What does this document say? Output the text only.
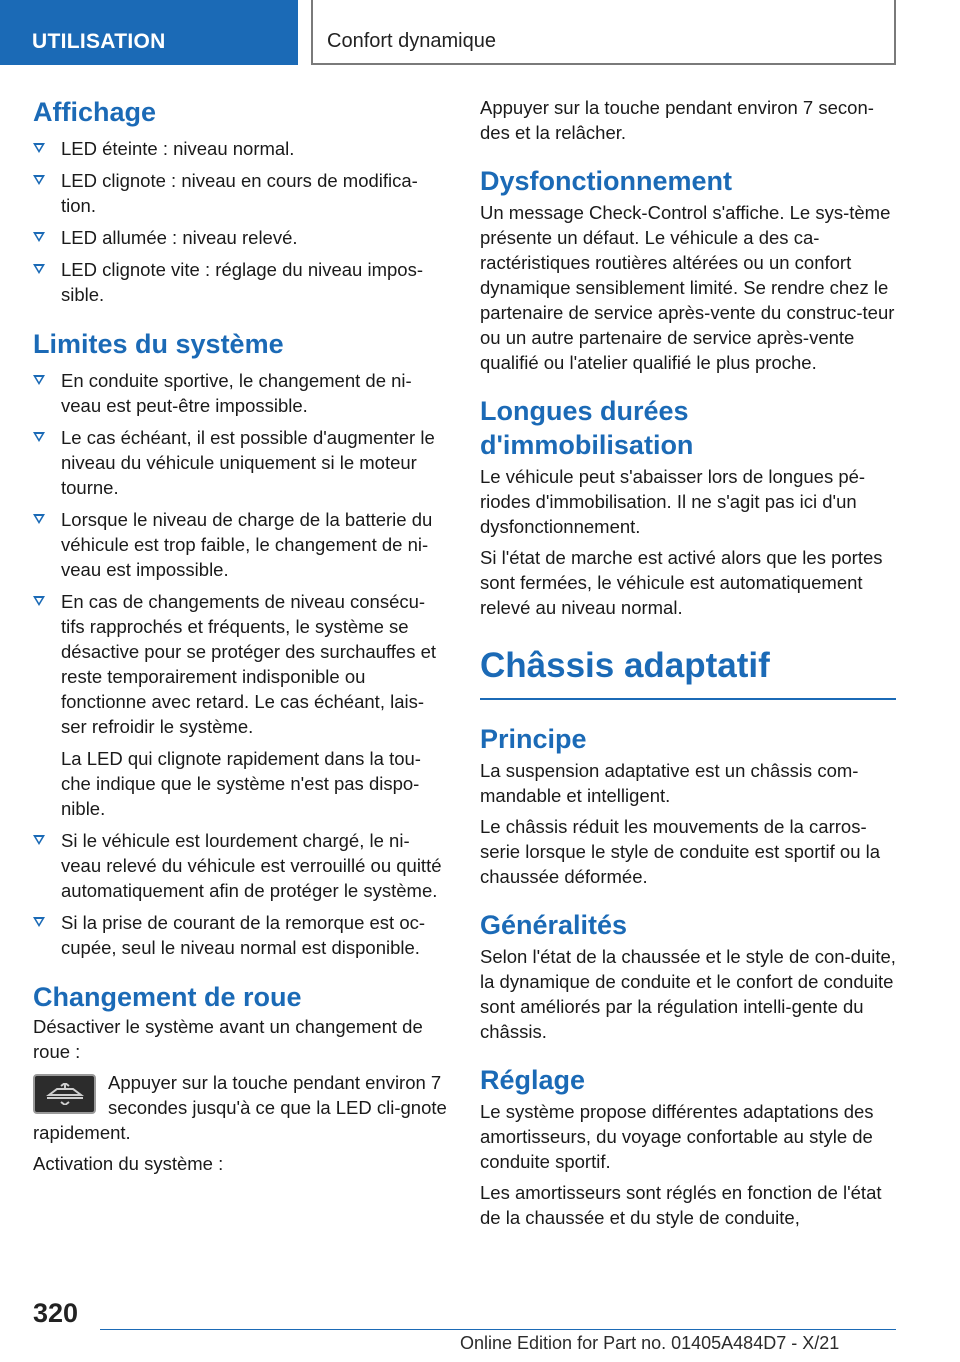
UTILISATION	Confort dynamique
Affichage
LED éteinte : niveau normal.
LED clignote : niveau en cours de modifica-tion.
LED allumée : niveau relevé.
LED clignote vite : réglage du niveau impos-sible.
Limites du système
En conduite sportive, le changement de ni-veau est peut-être impossible.
Le cas échéant, il est possible d'augmenter le niveau du véhicule uniquement si le moteur tourne.
Lorsque le niveau de charge de la batterie du véhicule est trop faible, le changement de ni-veau est impossible.
En cas de changements de niveau consécu-tifs rapprochés et fréquents, le système se désactive pour se protéger des surchauffes et reste temporairement indisponible ou fonctionne avec retard. Le cas échéant, lais-ser refroidir le système.
La LED qui clignote rapidement dans la tou-che indique que le système n'est pas dispo-nible.
Si le véhicule est lourdement chargé, le ni-veau relevé du véhicule est verrouillé ou quitté automatiquement afin de protéger le système.
Si la prise de courant de la remorque est oc-cupée, seul le niveau normal est disponible.
Changement de roue

Désactiver le système avant un changement de roue :

Appuyer sur la touche pendant environ 7 secondes jusqu'à ce que la LED cli-gnote rapidement.

Activation du système :

Appuyer sur la touche pendant environ 7 secon-des et la relâcher.

Dysfonctionnement

Un message Check-Control s'affiche. Le sys-tème présente un défaut. Le véhicule a des ca-ractéristiques routières altérées ou un confort dynamique sensiblement limité. Se rendre chez le partenaire de service après-vente du construc-teur ou un autre partenaire de service après-vente qualifié ou l'atelier qualifié le plus proche.

Longues durées d'immobilisation

Le véhicule peut s'abaisser lors de longues pé-riodes d'immobilisation. Il ne s'agit pas ici d'un dysfonctionnement.

Si l'état de marche est activé alors que les portes sont fermées, le véhicule est automatiquement relevé au niveau normal.

Châssis adaptatif
Principe

La suspension adaptative est un châssis com-mandable et intelligent.

Le châssis réduit les mouvements de la carros-serie lorsque le style de conduite est sportif ou la chaussée déformée.

Généralités

Selon l'état de la chaussée et le style de con-duite, la dynamique de conduite et le confort de conduite sont améliorés par la régulation intelli-gente du châssis.

Réglage

Le système propose différentes adaptations des amortisseurs, du voyage confortable au style de conduite sportif.

Les amortisseurs sont réglés en fonction de l'état de la chaussée et du style de conduite,

320
Online Edition for Part no. 01405A484D7 - X/21
